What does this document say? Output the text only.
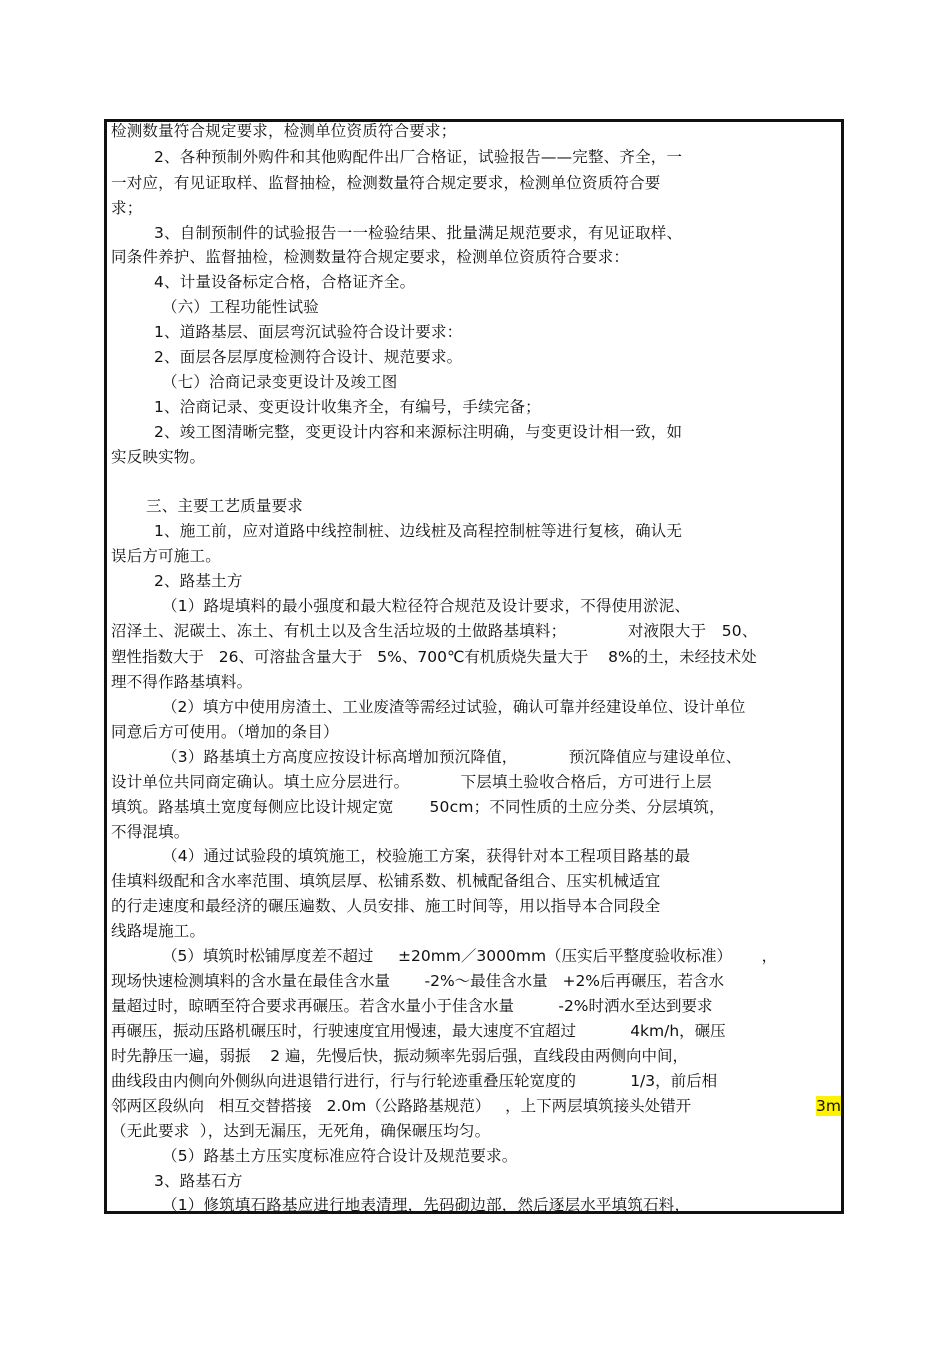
检测数量符合规定要求，检测单位资质符合要求；
2、各种预制外购件和其他购配件出厂合格证，试验报告——完整、齐全，一
一对应，有见证取样、监督抽检，检测数量符合规定要求，检测单位资质符合要
求；
3、自制预制件的试验报告一一检验结果、批量满足规范要求，有见证取样、
同条件养护、监督抽检，检测数量符合规定要求，检测单位资质符合要求：
4、计量设备标定合格，合格证齐全。
（六）工程功能性试验
1、道路基层、面层弯沉试验符合设计要求：
2、面层各层厚度检测符合设计、规范要求。
（七）洽商记录变更设计及竣工图
1、洽商记录、变更设计收集齐全，有编号，手续完备；
2、竣工图清晰完整，变更设计内容和来源标注明确，与变更设计相一致，如
实反映实物。
三、主要工艺质量要求
1、施工前，应对道路中线控制桩、边线桩及高程控制桩等进行复核，确认无
误后方可施工。
2、路基土方
（1）路堤填料的最小强度和最大粒径符合规范及设计要求，不得使用淤泥、
沼泽土、泥碳土、冻土、有机土以及含生活垃圾的土做路基填料；            对液限大于   50、
塑性指数大于   26、可溶盐含量大于   5%、700℃有机质烧失量大于    8%的土，未经技术处
理不得作路基填料。
（2）填方中使用房渣土、工业废渣等需经过试验，确认可靠并经建设单位、设计单位
同意后方可使用。（增加的条目）
（3）路基填土方高度应按设计标高增加预沉降值，          预沉降值应与建设单位、
设计单位共同商定确认。填土应分层进行。          下层填土验收合格后，方可进行上层
填筑。路基填土宽度每侧应比设计规定宽       50cm；不同性质的土应分类、分层填筑，
不得混填。
（4）通过试验段的填筑施工，校验施工方案，获得针对本工程项目路基的最
佳填料级配和含水率范围、填筑层厚、松铺系数、机械配备组合、压实机械适宜
的行走速度和最经济的碾压遍数、人员安排、施工时间等，用以指导本合同段全
线路堤施工。
（5）填筑时松铺厚度差不超过     ±20mm／3000mm（压实后平整度验收标准）      ，
现场快速检测填料的含水量在最佳含水量       -2%～最佳含水量   +2%后再碾压，若含水
量超过时，晾晒至符合要求再碾压。若含水量小于佳含水量         -2%时洒水至达到要求
再碾压，振动压路机碾压时，行驶速度宜用慢速，最大速度不宜超过           4km/h，碾压
时先静压一遍，弱振    2 遍，先慢后快，振动频率先弱后强，直线段由两侧向中间，
曲线段由内侧向外侧纵向进退错行进行，行与行轮迹重叠压轮宽度的           1/3，前后相
邻两区段纵向   相互交替搭接   2.0m（公路路基规范）   ，上下两层填筑接头处错开	3m
（无此要求  ），达到无漏压，无死角，确保碾压均匀。
（5）路基土方压实度标准应符合设计及规范要求。
3、路基石方
（1）修筑填石路基应进行地表清理，先码砌边部，然后逐层水平填筑石料，
